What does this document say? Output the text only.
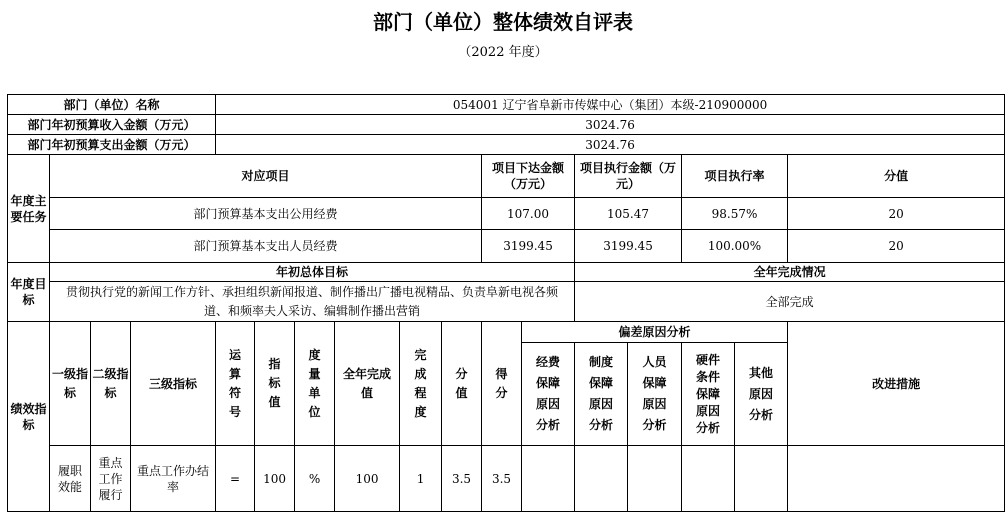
部门（单位）整体绩效自评表
（2022 年度）
部门（单位）名称				054001 辽宁省阜新市传媒中心（集团）本级-210900000													
部门年初预算收入金额（万元）				3024.76													
部门年初预算支出金额（万元）				3024.76													
年度主要任务	对应项目									项目下达金额（万元）		项目执行金额（万元）		项目执行率		分值	
	部门预算基本支出公用经费									107.00		105.47		98.57%		20	
	部门预算基本支出人员经费									3199.45		3199.45		100.00%		20	
年度目标	年初总体目标											全年完成情况					
	贯彻执行党的新闻工作方针、承担组织新闻报道、制作播出广播电视精品、负责阜新电视各频道、和频率夫人采访、编辑制作播出营销											全部完成					
绩效指标	一级指标	二级指标	三级指标	运算符号	指标值	度量单位	全年完成值	完成程度	分值	得分	偏差原因分析					改进措施	
											经费保障原因分析	制度保障原因分析	人员保障原因分析	硬件条件保障原因分析	其他原因分析		
	履职效能	重点工作履行	重点工作办结率	=	100	%	100	1	3.5	3.5							
